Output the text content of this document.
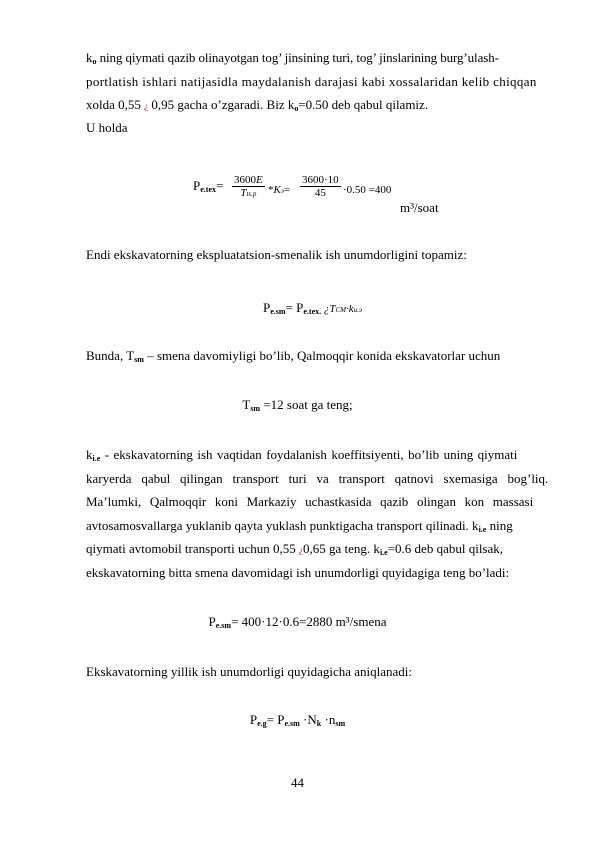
$k_o$ ning qiymati qazib olinayotgan tog’ jinsining turi, tog’ jinslarining burg’ulash-
portlatish ishlari natijasidla maydalanish darajasi kabi xossalaridan kelib chiqqan
xolda 0,55 ¿ 0,95 gacha o’zgaradi. Biz $k_o=0.50$ deb qabul qilamiz.
U holda
$P_{e.tex}= \frac{3600E}{\text{Tts.p}} *Kэ= \frac{3600\cdot 10}{45} \cdot 0.50 =400$
m³/soat
Endi ekskavatorning ekspluatatsion-smenalik ish unumdorligini topamiz:
$P_{e.sm}= P_{e.tex.}$ ¿TCM·ku.э
Bunda, $T_{sm}$ – smena davomiyligi bo’lib, Qalmoqqir konida ekskavatorlar uchun
$T_{sm} =12$ soat ga teng;
$k_{i.e}$ - ekskavatorning ish vaqtidan foydalanish koeffitsiyenti, bo’lib uning qiymati
karyerda qabul qilingan transport turi va transport qatnovi sxemasiga bog’liq.
Ma’lumki, Qalmoqqir koni Markaziy uchastkasida qazib olingan kon massasi
avtosamosvallarga yuklanib qayta yuklash punktigacha transport qilinadi. $k_{i.e}$ ning
qiymati avtomobil transporti uchun 0,55 ¿0,65 ga teng. $k_{i.e}=0.6$ deb qabul qilsak,
ekskavatorning bitta smena davomidagi ish unumdorligi quyidagiga teng bo’ladi:
$P_{e.sm}= 400\cdot 12\cdot 0.6=2880$ m³/smena
Ekskavatorning yillik ish unumdorligi quyidagicha aniqlanadi:
$P_{e.g}= P_{e.sm} \cdot N_k \cdot n_{sm}$
44
